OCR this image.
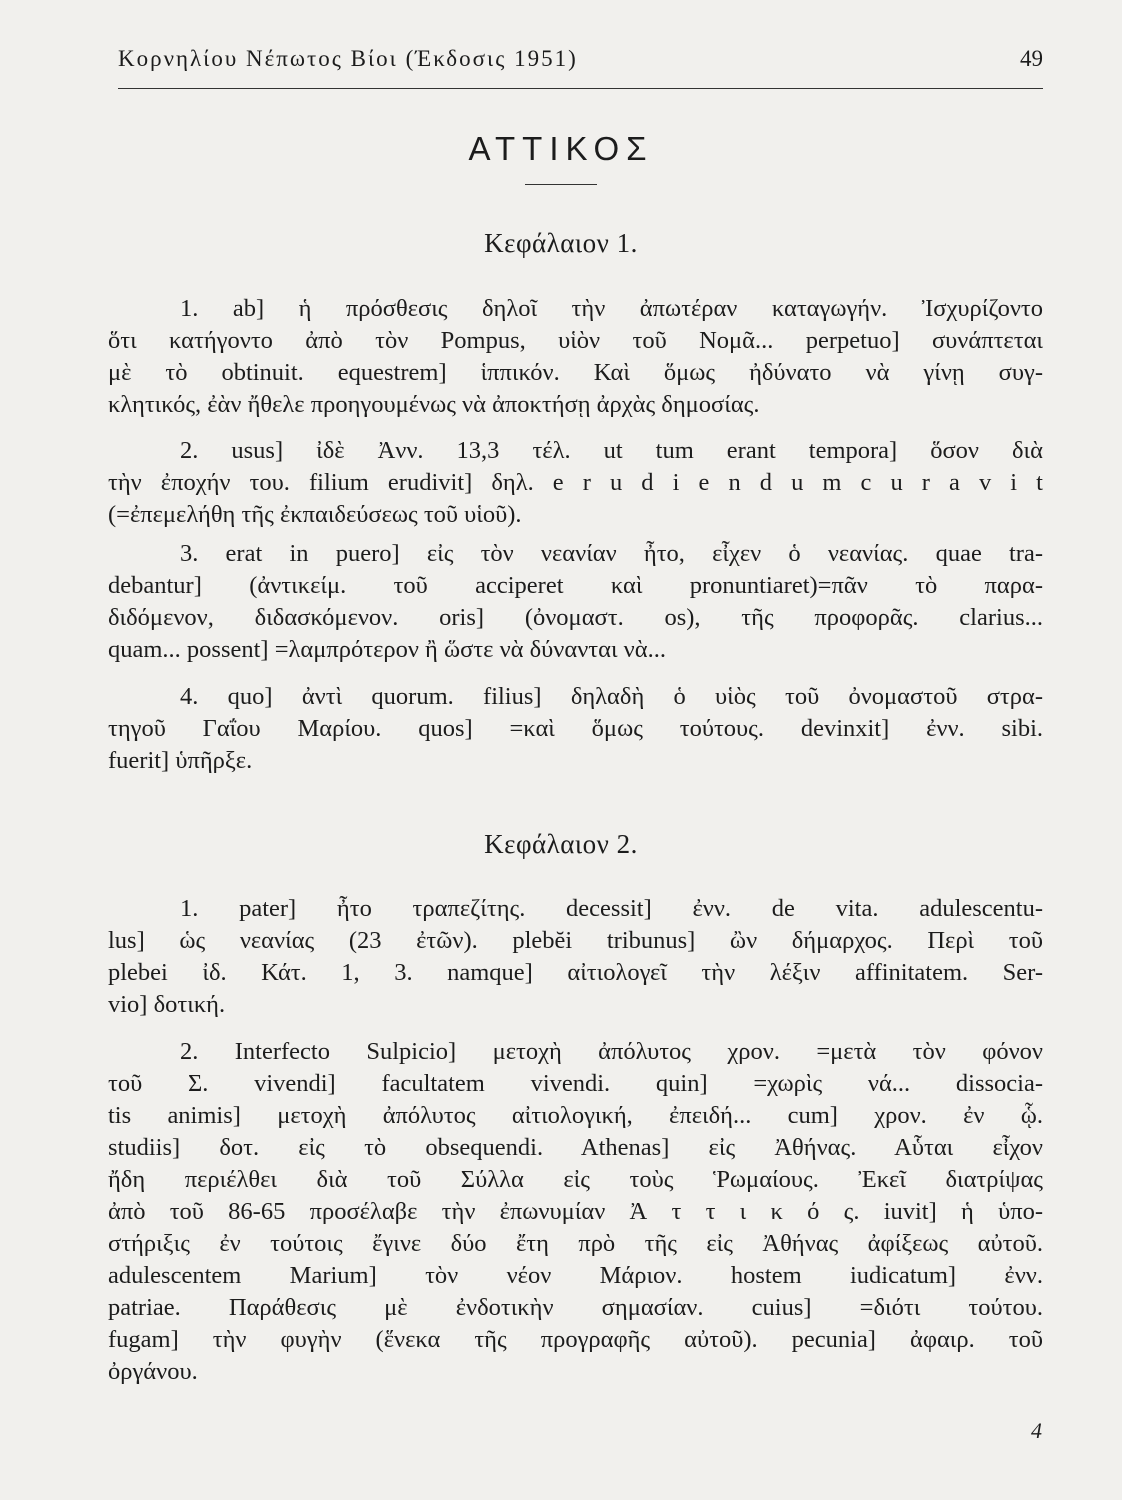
Κορνηλίου Νέπωτος Βίοι (Έκδοσις 1951)	49
ΑΤΤΙΚΟΣ
Κεφάλαιον 1.
1. ab] ἡ πρόσθεσις δηλοῖ τὴν ἀπωτέραν καταγωγήν. Ἰσχυρίζοντο
ὅτι κατήγοντο ἀπὸ τὸν Pompus, υἱὸν τοῦ Νομᾶ... perpetuo] συνάπτεται
μὲ τὸ obtinuit. equestrem] ἱππικόν. Καὶ ὅμως ἠδύνατο νὰ γίνῃ συγ-
κλητικός, ἐὰν ἤθελε προηγουμένως νὰ ἀποκτήσῃ ἀρχὰς δημοσίας.
2. usus] ἰδὲ Ἀνν. 13,3 τέλ. ut tum erant tempora] ὅσον διὰ
τὴν ἐποχήν του. filium erudivit] δηλ. e r u d i e n d u m c u r a v i t
(=ἐπεμελήθη τῆς ἐκπαιδεύσεως τοῦ υἱοῦ).
3. erat in puero] εἰς τὸν νεανίαν ἦτο, εἶχεν ὁ νεανίας. quae tra-
debantur] (ἀντικείμ. τοῦ acciperet καὶ pronuntiaret)=πᾶν τὸ παρα-
διδόμενον, διδασκόμενον. oris] (ὀνομαστ. os), τῆς προφορᾶς. clarius...
quam... possent] =λαμπρότερον ἢ ὥστε νὰ δύνανται νὰ...
4. quo] ἀντὶ quorum. filius] δηλαδὴ ὁ υἱὸς τοῦ ὀνομαστοῦ στρα-
τηγοῦ Γαΐου Μαρίου. quos] =καὶ ὅμως τούτους. devinxit] ἐνν. sibi.
fuerit] ὑπῆρξε.
Κεφάλαιον 2.
1. pater] ἦτο τραπεζίτης. decessit] ἐνν. de vita. adulescentu-
lus] ὡς νεανίας (23 ἐτῶν). plebĕi tribunus] ὢν δήμαρχος. Περὶ τοῦ
plebei ἰδ. Κάτ. 1, 3. namque] αἰτιολογεῖ τὴν λέξιν affinitatem. Ser-
vio] δοτική.
2. Interfecto Sulpicio] μετοχὴ ἀπόλυτος χρον. =μετὰ τὸν φόνον
τοῦ Σ. vivendi] facultatem vivendi. quin] =χωρὶς νά... dissocia-
tis animis] μετοχὴ ἀπόλυτος αἰτιολογική, ἐπειδή... cum] χρον. ἐν ᾧ.
studiis] δοτ. εἰς τὸ obsequendi. Athenas] εἰς Ἀθήνας. Αὗται εἶχον
ἤδη περιέλθει διὰ τοῦ Σύλλα εἰς τοὺς Ῥωμαίους. Ἐκεῖ διατρίψας
ἀπὸ τοῦ 86-65 προσέλαβε τὴν ἐπωνυμίαν Ἀ τ τ ι κ ό ς. iuvit] ἡ ὑπο-
στήριξις ἐν τούτοις ἔγινε δύο ἔτη πρὸ τῆς εἰς Ἀθήνας ἀφίξεως αὐτοῦ.
adulescentem Marium] τὸν νέον Μάριον. hostem iudicatum] ἐνν.
patriae. Παράθεσις μὲ ἐνδοτικὴν σημασίαν. cuius] =διότι τούτου.
fugam] τὴν φυγὴν (ἕνεκα τῆς προγραφῆς αὐτοῦ). pecunia] ἀφαιρ. τοῦ
ὀργάνου.
4
